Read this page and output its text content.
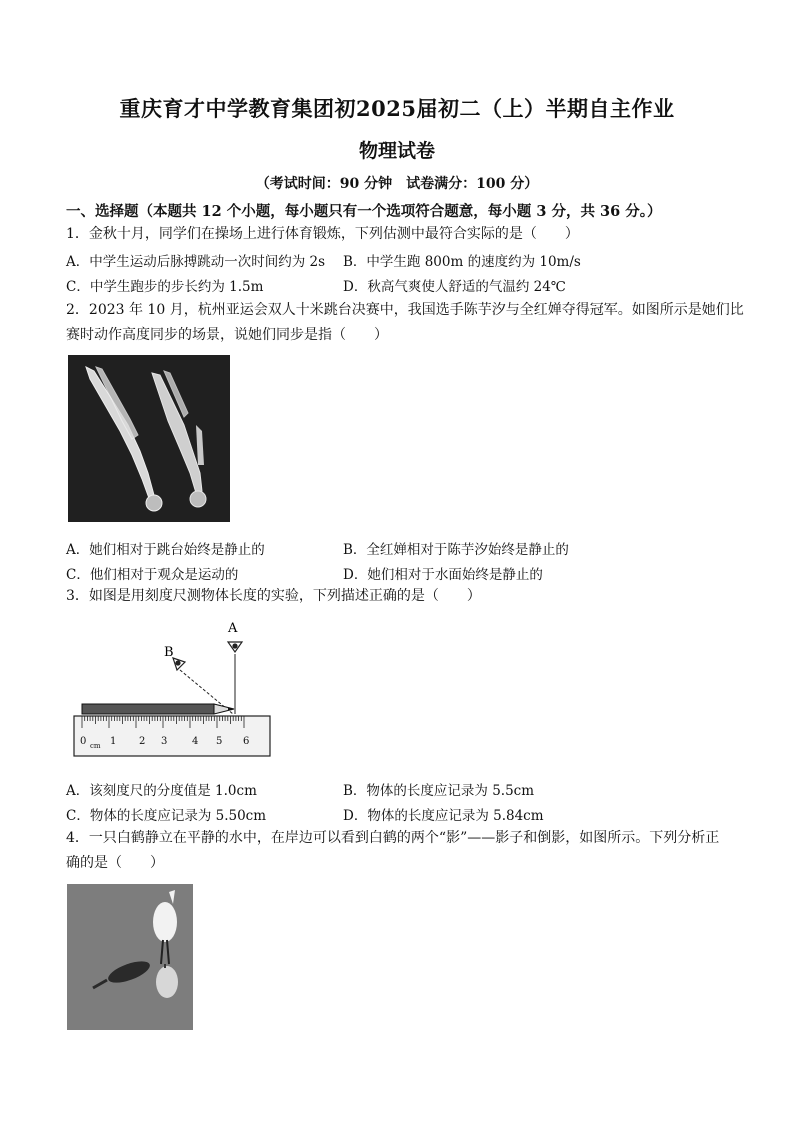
重庆育才中学教育集团初2025届初二（上）半期自主作业
物理试卷
（考试时间：90 分钟　试卷满分：100 分）
一、选择题（本题共 12 个小题，每小题只有一个选项符合题意，每小题 3 分，共 36 分。）
1．金秋十月，同学们在操场上进行体育锻炼，下列估测中最符合实际的是（　　）
A．中学生运动后脉搏跳动一次时间约为 2s B．中学生跑 800m 的速度约为 10m/s
C．中学生跑步的步长约为 1.5m	D．秋高气爽使人舒适的气温约 24℃
2．2023 年 10 月，杭州亚运会双人十米跳台决赛中，我国选手陈芋汐与全红婵夺得冠军。如图所示是她们比
赛时动作高度同步的场景，说她们同步是指（　　）
A．她们相对于跳台始终是静止的	B．全红婵相对于陈芋汐始终是静止的
C．他们相对于观众是运动的	D．她们相对于水面始终是静止的
3．如图是用刻度尺测物体长度的实验，下列描述正确的是（　　）
A
B
0 1 2 3 4 5 6
cm
A．该刻度尺的分度值是 1.0cm	B．物体的长度应记录为 5.5cm
C．物体的长度应记录为 5.50cm	D．物体的长度应记录为 5.84cm
4．一只白鹤静立在平静的水中，在岸边可以看到白鹤的两个“影”——影子和倒影，如图所示。下列分析正
确的是（　　）
